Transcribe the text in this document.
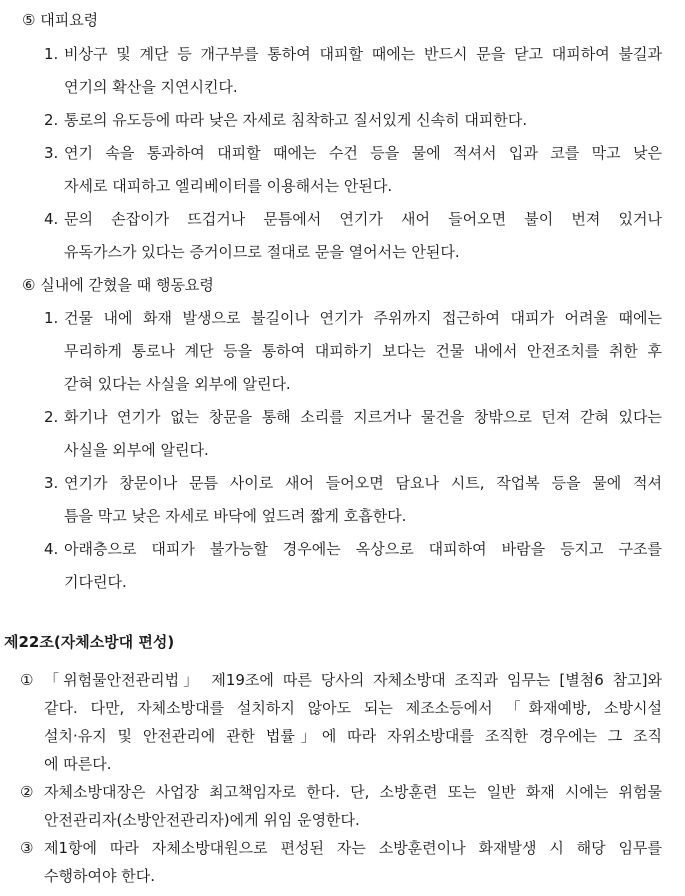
⑤ 대피요령
1. 비상구 및 계단 등 개구부를 통하여 대피할 때에는 반드시 문을 닫고 대피하여 불길과
연기의 확산을 지연시킨다.
2. 통로의 유도등에 따라 낮은 자세로 침착하고 질서있게 신속히 대피한다.
3. 연기 속을 통과하여 대피할 때에는 수건 등을 물에 적셔서 입과 코를 막고 낮은
자세로 대피하고 엘리베이터를 이용해서는 안된다.
4. 문의 손잡이가 뜨겁거나 문틈에서 연기가 새어 들어오면 불이 번져 있거나
유독가스가 있다는 증거이므로 절대로 문을 열어서는 안된다.
⑥ 실내에 갇혔을 때 행동요령
1. 건물 내에 화재 발생으로 불길이나 연기가 주위까지 접근하여 대피가 어려울 때에는
무리하게 통로나 계단 등을 통하여 대피하기 보다는 건물 내에서 안전조치를 취한 후
갇혀 있다는 사실을 외부에 알린다.
2. 화기나 연기가 없는 창문을 통해 소리를 지르거나 물건을 창밖으로 던져 갇혀 있다는
사실을 외부에 알린다.
3. 연기가 창문이나 문틈 사이로 새어 들어오면 담요나 시트, 작업복 등을 물에 적셔
틈을 막고 낮은 자세로 바닥에 엎드려 짧게 호흡한다.
4. 아래층으로 대피가 불가능할 경우에는 옥상으로 대피하여 바람을 등지고 구조를
기다린다.
제22조(자체소방대 편성)
① 「위험물안전관리법」 제19조에 따른 당사의 자체소방대 조직과 임무는 [별첨6 참고]와
같다. 다만, 자체소방대를 설치하지 않아도 되는 제조소등에서 「화재예방, 소방시설
설치·유지 및 안전관리에 관한 법률」에 따라 자위소방대를 조직한 경우에는 그 조직
에 따른다.
② 자체소방대장은 사업장 최고책임자로 한다. 단, 소방훈련 또는 일반 화재 시에는 위험물
안전관리자(소방안전관리자)에게 위임 운영한다.
③ 제1항에 따라 자체소방대원으로 편성된 자는 소방훈련이나 화재발생 시 해당 임무를
수행하여야 한다.
